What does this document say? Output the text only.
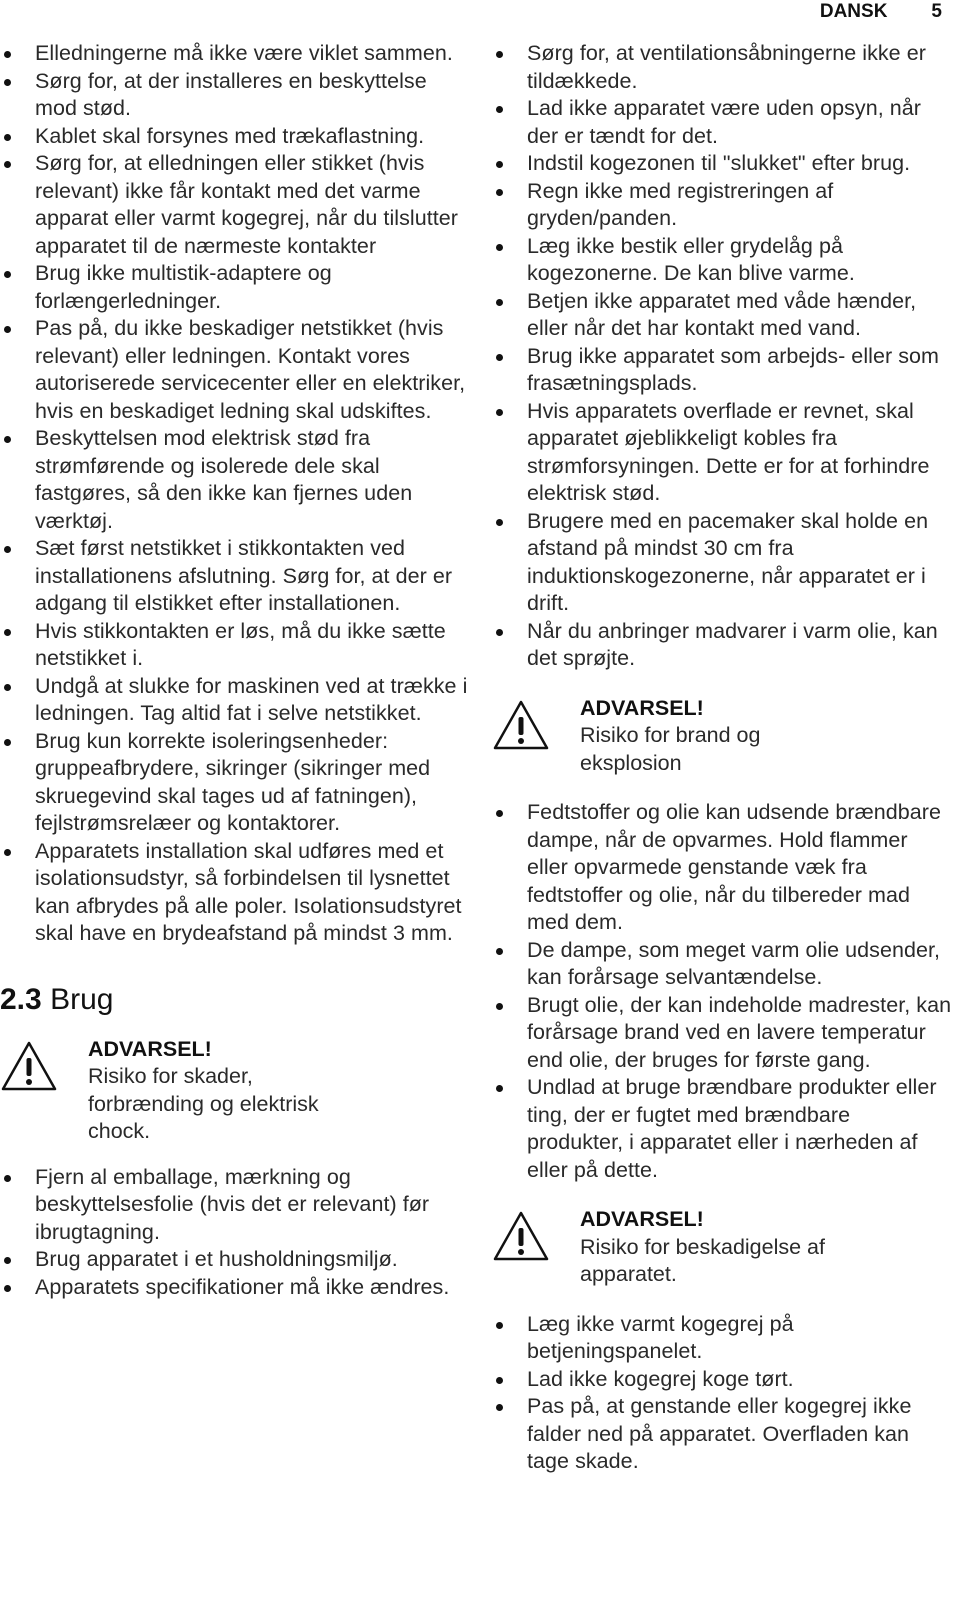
DANSK 5
Elledningerne må ikke være viklet sammen.
Sørg for, at der installeres en beskyttelse mod stød.
Kablet skal forsynes med trækaflastning.
Sørg for, at elledningen eller stikket (hvis relevant) ikke får kontakt med det varme apparat eller varmt kogegrej, når du tilslutter apparatet til de nærmeste kontakter
Brug ikke multistik-adaptere og forlængerledninger.
Pas på, du ikke beskadiger netstikket (hvis relevant) eller ledningen. Kontakt vores autoriserede servicecenter eller en elektriker, hvis en beskadiget ledning skal udskiftes.
Beskyttelsen mod elektrisk stød fra strømførende og isolerede dele skal fastgøres, så den ikke kan fjernes uden værktøj.
Sæt først netstikket i stikkontakten ved installationens afslutning. Sørg for, at der er adgang til elstikket efter installationen.
Hvis stikkontakten er løs, må du ikke sætte netstikket i.
Undgå at slukke for maskinen ved at trække i ledningen. Tag altid fat i selve netstikket.
Brug kun korrekte isoleringsenheder: gruppeafbrydere, sikringer (sikringer med skruegevind skal tages ud af fatningen), fejlstrømsrelæer og kontaktorer.
Apparatets installation skal udføres med et isolationsudstyr, så forbindelsen til lysnettet kan afbrydes på alle poler. Isolationsudstyret skal have en brydeafstand på mindst 3 mm.
2.3 Brug
ADVARSEL!
Risiko for skader, forbrænding og elektrisk chock.
Fjern al emballage, mærkning og beskyttelsesfolie (hvis det er relevant) før ibrugtagning.
Brug apparatet i et husholdningsmiljø.
Apparatets specifikationer må ikke ændres.
Sørg for, at ventilationsåbningerne ikke er tildækkede.
Lad ikke apparatet være uden opsyn, når der er tændt for det.
Indstil kogezonen til "slukket" efter brug.
Regn ikke med registreringen af gryden/panden.
Læg ikke bestik eller grydelåg på kogezonerne. De kan blive varme.
Betjen ikke apparatet med våde hænder, eller når det har kontakt med vand.
Brug ikke apparatet som arbejds- eller som frasætningsplads.
Hvis apparatets overflade er revnet, skal apparatet øjeblikkeligt kobles fra strømforsyningen. Dette er for at forhindre elektrisk stød.
Brugere med en pacemaker skal holde en afstand på mindst 30 cm fra induktionskogezonerne, når apparatet er i drift.
Når du anbringer madvarer i varm olie, kan det sprøjte.
ADVARSEL!
Risiko for brand og eksplosion
Fedtstoffer og olie kan udsende brændbare dampe, når de opvarmes. Hold flammer eller opvarmede genstande væk fra fedtstoffer og olie, når du tilbereder mad med dem.
De dampe, som meget varm olie udsender, kan forårsage selvantændelse.
Brugt olie, der kan indeholde madrester, kan forårsage brand ved en lavere temperatur end olie, der bruges for første gang.
Undlad at bruge brændbare produkter eller ting, der er fugtet med brændbare produkter, i apparatet eller i nærheden af eller på dette.
ADVARSEL!
Risiko for beskadigelse af apparatet.
Læg ikke varmt kogegrej på betjeningspanelet.
Lad ikke kogegrej koge tørt.
Pas på, at genstande eller kogegrej ikke falder ned på apparatet. Overfladen kan tage skade.
